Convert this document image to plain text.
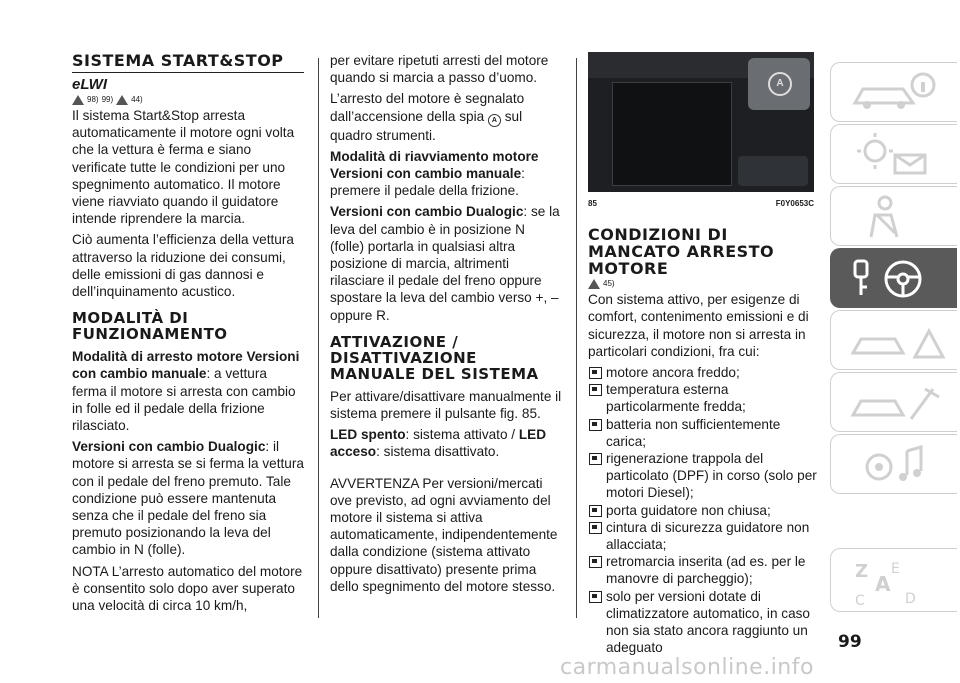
SISTEMA START&STOP
eLWI
98) 99) 44)

Il sistema Start&Stop arresta automaticamente il motore ogni volta che la vettura è ferma e siano verificate tutte le condizioni per uno spegnimento automatico. Il motore viene riavviato quando il guidatore intende riprendere la marcia.

Ciò aumenta l’efficienza della vettura attraverso la riduzione dei consumi, delle emissioni di gas dannosi e dell’inquinamento acustico.

MODALITÀ DI FUNZIONAMENTO

Modalità di arresto motore Versioni con cambio manuale: a vettura ferma il motore si arresta con cambio in folle ed il pedale della frizione rilasciato.

Versioni con cambio Dualogic: il motore si arresta se si ferma la vettura con il pedale del freno premuto. Tale condizione può essere mantenuta senza che il pedale del freno sia premuto posizionando la leva del cambio in N (folle).

NOTA L’arresto automatico del motore è consentito solo dopo aver superato una velocità di circa 10 km/h,

per evitare ripetuti arresti del motore quando si marcia a passo d’uomo.

L’arresto del motore è segnalato dall’accensione della spia A sul quadro strumenti.

Modalità di riavviamento motore Versioni con cambio manuale: premere il pedale della frizione.

Versioni con cambio Dualogic: se la leva del cambio è in posizione N (folle) portarla in qualsiasi altra posizione di marcia, altrimenti rilasciare il pedale del freno oppure spostare la leva del cambio verso +, – oppure R.

ATTIVAZIONE / DISATTIVAZIONE MANUALE DEL SISTEMA

Per attivare/disattivare manualmente il sistema premere il pulsante fig. 85.

LED spento: sistema attivato / LED acceso: sistema disattivato.

AVVERTENZA Per versioni/mercati ove previsto, ad ogni avviamento del motore il sistema si attiva automaticamente, indipendentemente dalla condizione (sistema attivato oppure disattivato) presente prima dello spegnimento del motore stesso.

A
85	F0Y0653C
CONDIZIONI DI MANCATO ARRESTO MOTORE
45)

Con sistema attivo, per esigenze di comfort, contenimento emissioni e di sicurezza, il motore non si arresta in particolari condizioni, fra cui:

motore ancora freddo;
temperatura esterna particolarmente fredda;
batteria non sufficientemente carica;
rigenerazione trappola del particolato (DPF) in corso (solo per motori Diesel);
porta guidatore non chiusa;
cintura di sicurezza guidatore non allacciata;
retromarcia inserita (ad es. per le manovre di parcheggio);
solo per versioni dotate di climatizzatore automatico, in caso non sia stato ancora raggiunto un adeguato
Z E
A
C	D
99
carmanualsonline.info
